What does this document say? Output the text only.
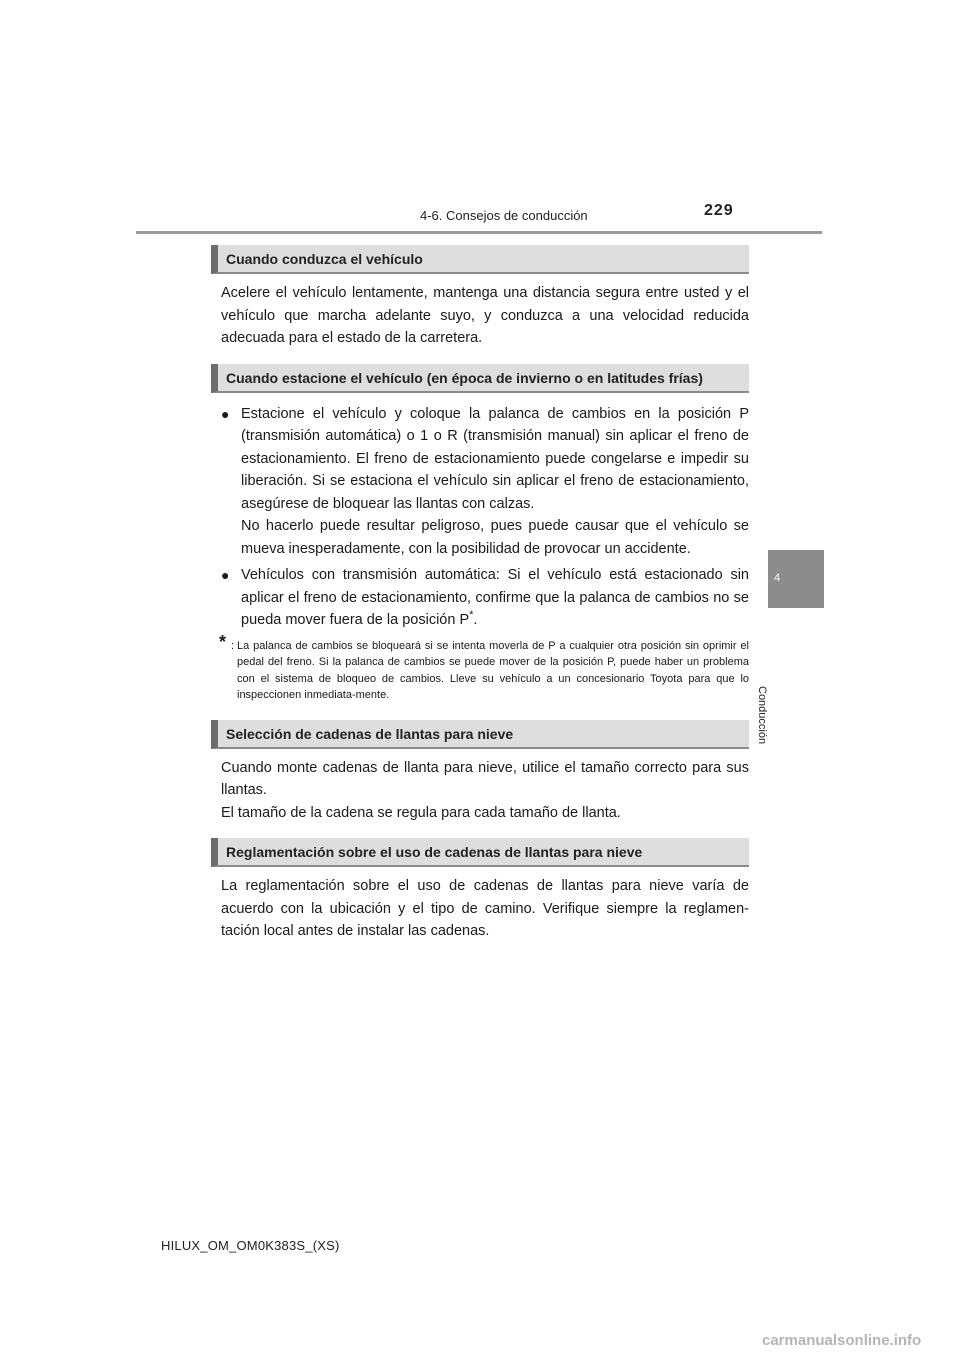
4-6. Consejos de conducción	229
4
Conducción
Cuando conduzca el vehículo

Acelere el vehículo lentamente, mantenga una distancia segura entre usted y el vehículo que marcha adelante suyo, y conduzca a una velocidad reducida adecuada para el estado de la carretera.

Cuando estacione el vehículo (en época de invierno o en latitudes frías)
● Estacione el vehículo y coloque la palanca de cambios en la posición P (transmisión automática) o 1 o R (transmisión manual) sin aplicar el freno de estacionamiento. El freno de estacionamiento puede congelarse e impedir su liberación. Si se estaciona el vehículo sin aplicar el freno de estacionamiento, asegúrese de bloquear las llantas con calzas.

No hacerlo puede resultar peligroso, pues puede causar que el vehículo se mueva inesperadamente, con la posibilidad de provocar un accidente.

● Vehículos con transmisión automática: Si el vehículo está estacionado sin aplicar el freno de estacionamiento, confirme que la palanca de cambios no se pueda mover fuera de la posición P*.

* : La palanca de cambios se bloqueará si se intenta moverla de P a cualquier otra posición sin oprimir el pedal del freno. Si la palanca de cambios se puede mover de la posición P, puede haber un problema con el sistema de bloqueo de cambios. Lleve su vehículo a un concesionario Toyota para que lo inspeccionen inmediata-mente.
Selección de cadenas de llantas para nieve

Cuando monte cadenas de llanta para nieve, utilice el tamaño correcto para sus llantas.

El tamaño de la cadena se regula para cada tamaño de llanta.

Reglamentación sobre el uso de cadenas de llantas para nieve

La reglamentación sobre el uso de cadenas de llantas para nieve varía de acuerdo con la ubicación y el tipo de camino. Verifique siempre la reglamen-tación local antes de instalar las cadenas.

HILUX_OM_OM0K383S_(XS)
carmanualsonline.info
